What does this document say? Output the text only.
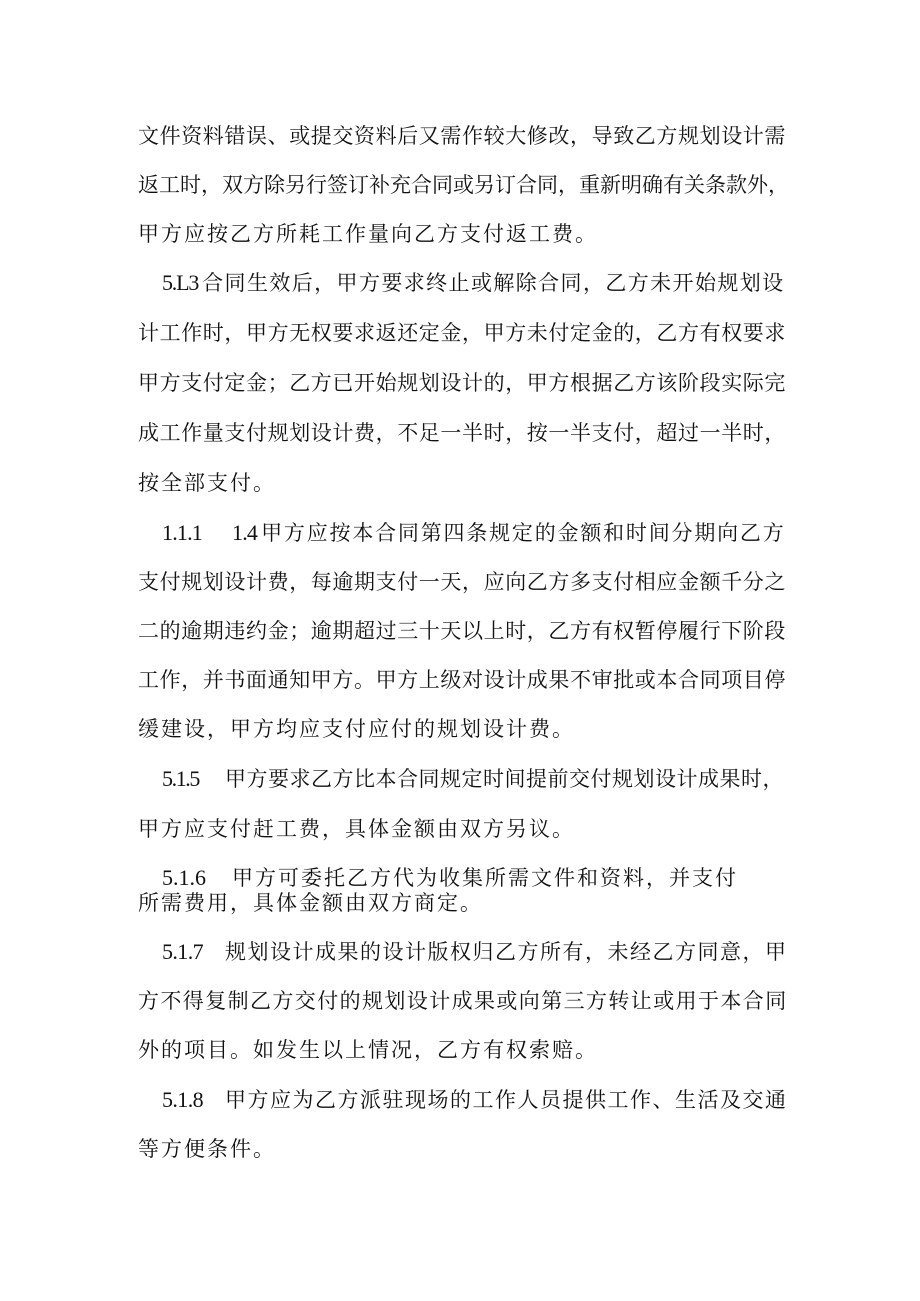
文件资料错误、或提交资料后又需作较大修改，导致乙方规划设计需
返工时，双方除另行签订补充合同或另订合同，重新明确有关条款外，
甲方应按乙方所耗工作量向乙方支付返工费。
5.L3 合同生效后，甲方要求终止或解除合同，乙方未开始规划设
计工作时，甲方无权要求返还定金，甲方未付定金的，乙方有权要求
甲方支付定金；乙方已开始规划设计的，甲方根据乙方该阶段实际完
成工作量支付规划设计费，不足一半时，按一半支付，超过一半时，
按全部支付。
1.1.1 1.4 甲方应按本合同第四条规定的金额和时间分期向乙方
支付规划设计费，每逾期支付一天，应向乙方多支付相应金额千分之
二的逾期违约金；逾期超过三十天以上时，乙方有权暂停履行下阶段
工作，并书面通知甲方。甲方上级对设计成果不审批或本合同项目停
缓建设，甲方均应支付应付的规划设计费。
5.1.5 甲方要求乙方比本合同规定时间提前交付规划设计成果时，
甲方应支付赶工费，具体金额由双方另议。
5.1.6 甲方可委托乙方代为收集所需文件和资料，并支付
所需费用，具体金额由双方商定。
5.1.7 规划设计成果的设计版权归乙方所有，未经乙方同意，甲
方不得复制乙方交付的规划设计成果或向第三方转让或用于本合同
外的项目。如发生以上情况，乙方有权索赔。
5.1.8 甲方应为乙方派驻现场的工作人员提供工作、生活及交通
等方便条件。
